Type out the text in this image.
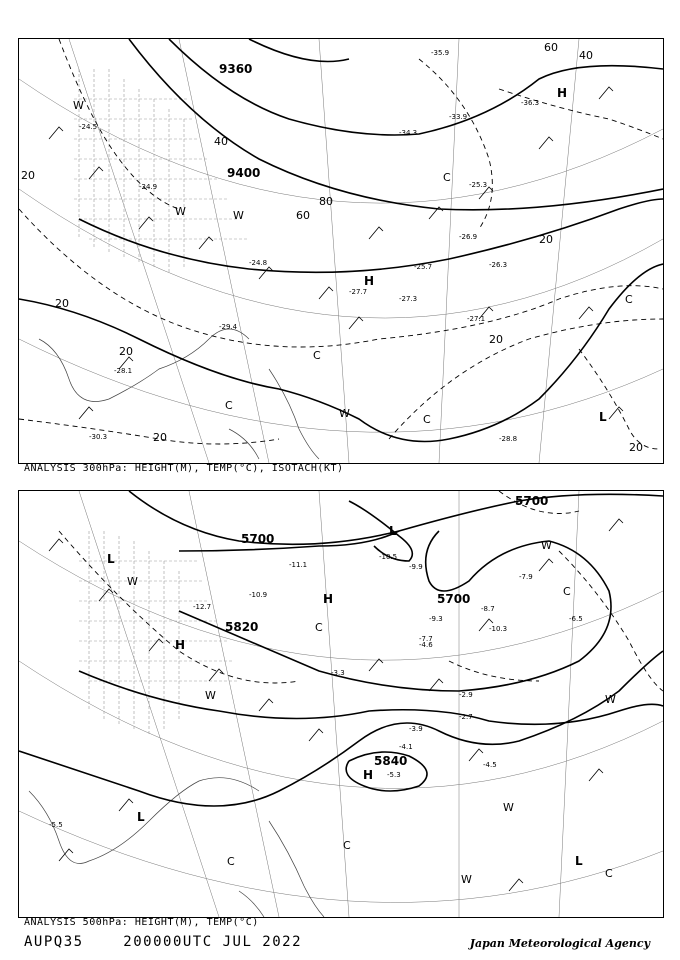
9360
9400
20
40
60
80
20
40
60
20
20
20
20
20
H
H
W
W	W
C
C
C
W	C	L
C
-24.5
-24.9
-25.7
-26.9
-27.7
-29.4
-30.3
-28.1
-27.3
-33.9
-34.3
-35.9
-36.3
-25.3
-24.8	-26.3
-27.1
-28.8
ANALYSIS 300hPa: HEIGHT(M), TEMP(°C), ISOTACH(KT)
5700
5700
5820
5840
5700
H
H
H
L
L
L
L
C
C
W
W
W
W
C
W
C
C
W
-5.5
-4.5
-3.9
-2.9
-2.7
-4.1
-5.3
-9.3
-7.7
-8.7
-10.3
-10.9
-12.7
-11.1
-10.5
-9.9
-7.9
-6.5
-4.6
-3.3
ANALYSIS 500hPa: HEIGHT(M), TEMP(°C)
AUPQ35	200000UTC JUL 2022	Japan Meteorological Agency
